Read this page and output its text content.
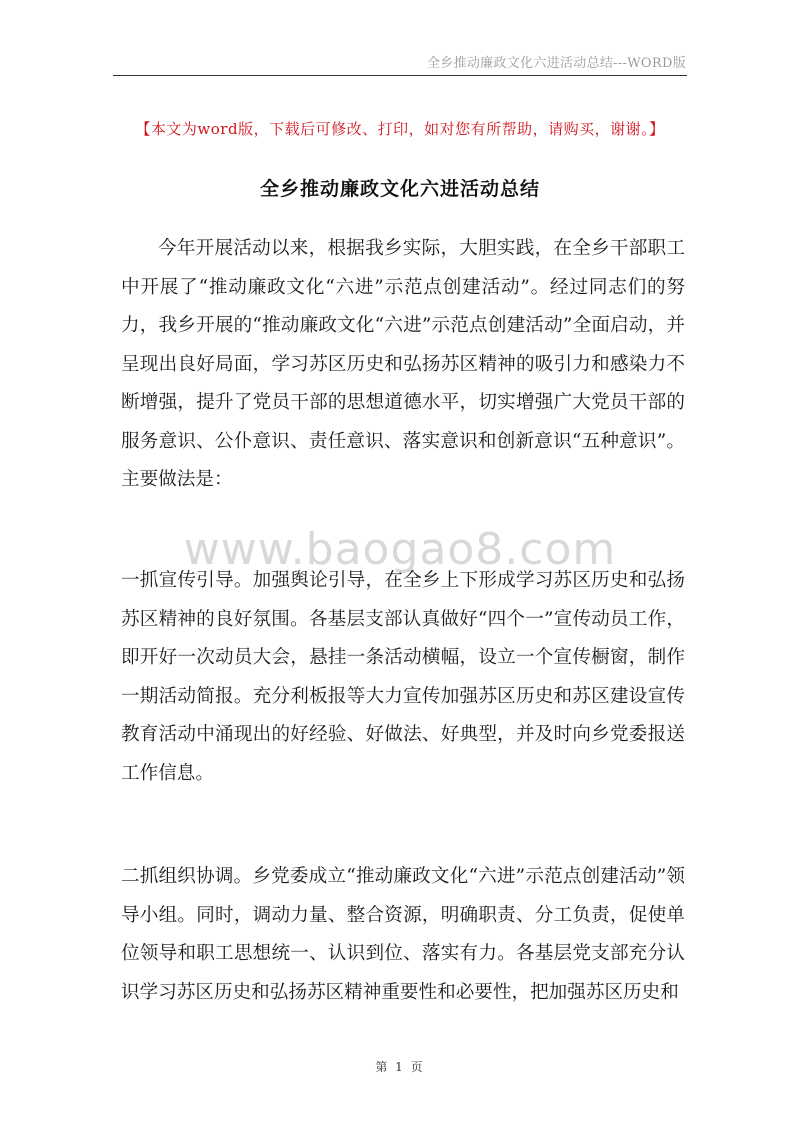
全乡推动廉政文化六进活动总结---WORD版
【本文为word版，下载后可修改、打印，如对您有所帮助，请购买，谢谢。】
全乡推动廉政文化六进活动总结

今年开展活动以来，根据我乡实际，大胆实践，在全乡干部职工中开展了“推动廉政文化“六进”示范点创建活动”。经过同志们的努力，我乡开展的“推动廉政文化“六进”示范点创建活动”全面启动，并呈现出良好局面，学习苏区历史和弘扬苏区精神的吸引力和感染力不断增强，提升了党员干部的思想道德水平，切实增强广大党员干部的服务意识、公仆意识、责任意识、落实意识和创新意识“五种意识”。主要做法是：

www.baogao8.com

一抓宣传引导。加强舆论引导，在全乡上下形成学习苏区历史和弘扬苏区精神的良好氛围。各基层支部认真做好“四个一”宣传动员工作，即开好一次动员大会，悬挂一条活动横幅，设立一个宣传橱窗，制作一期活动简报。充分利板报等大力宣传加强苏区历史和苏区建设宣传教育活动中涌现出的好经验、好做法、好典型，并及时向乡党委报送工作信息。

二抓组织协调。乡党委成立“推动廉政文化“六进”示范点创建活动”领导小组。同时，调动力量、整合资源，明确职责、分工负责，促使单位领导和职工思想统一、认识到位、落实有力。各基层党支部充分认识学习苏区历史和弘扬苏区精神重要性和必要性，把加强苏区历史和

第 1 页
